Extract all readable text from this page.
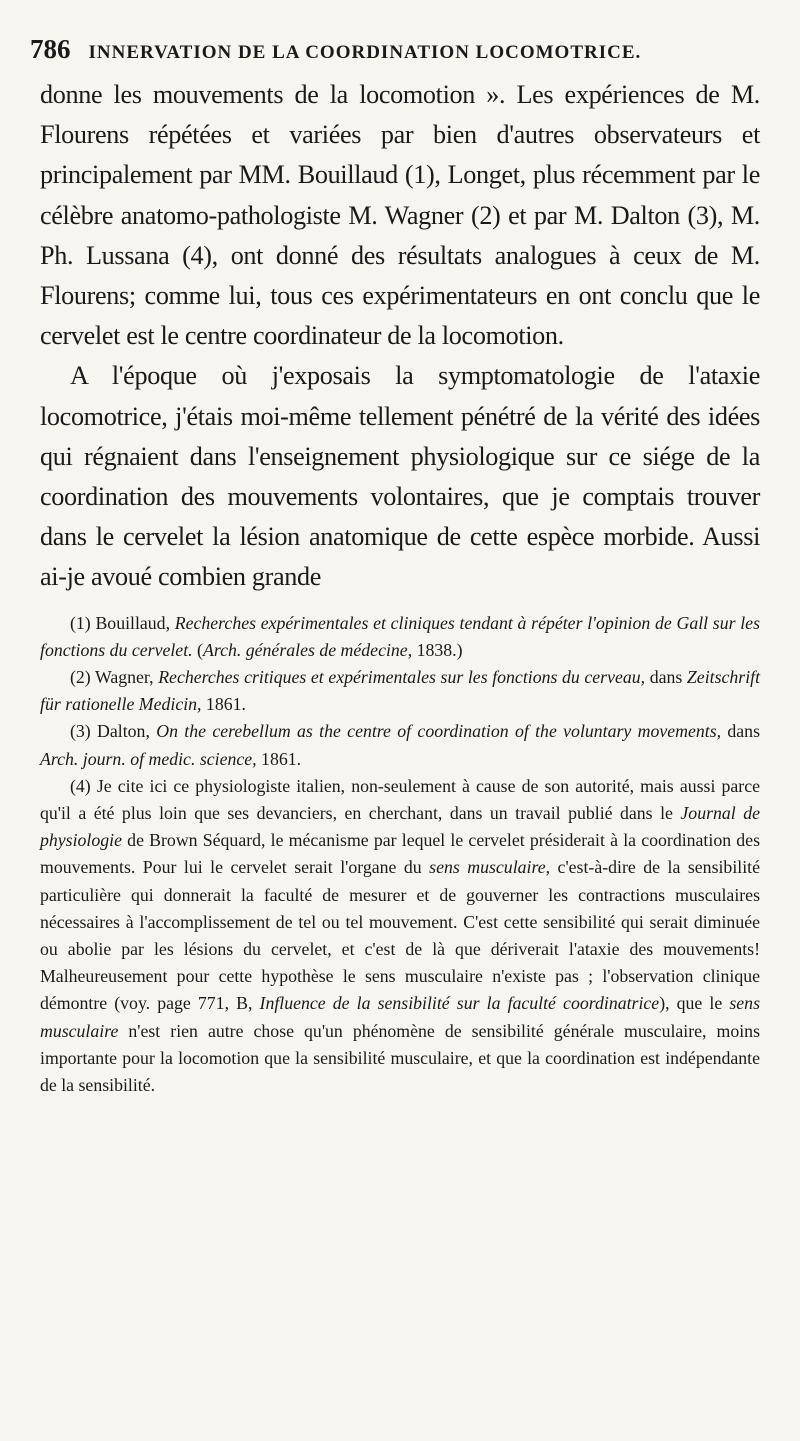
786 INNERVATION DE LA COORDINATION LOCOMOTRICE.

donne les mouvements de la locomotion ». Les expériences de M. Flourens répétées et variées par bien d'autres observateurs et principalement par MM. Bouillaud (1), Longet, plus récemment par le célèbre anatomo-pathologiste M. Wagner (2) et par M. Dalton (3), M. Ph. Lussana (4), ont donné des résultats analogues à ceux de M. Flourens; comme lui, tous ces expérimentateurs en ont conclu que le cervelet est le centre coordinateur de la locomotion.

A l'époque où j'exposais la symptomatologie de l'ataxie locomotrice, j'étais moi-même tellement pénétré de la vérité des idées qui régnaient dans l'enseignement physiologique sur ce siége de la coordination des mouvements volontaires, que je comptais trouver dans le cervelet la lésion anatomique de cette espèce morbide. Aussi ai-je avoué combien grande

(1) Bouillaud, Recherches expérimentales et cliniques tendant à répéter l'opinion de Gall sur les fonctions du cervelet. (Arch. générales de médecine, 1838.)

(2) Wagner, Recherches critiques et expérimentales sur les fonctions du cerveau, dans Zeitschrift für rationelle Medicin, 1861.

(3) Dalton, On the cerebellum as the centre of coordination of the voluntary movements, dans Arch. journ. of medic. science, 1861.

(4) Je cite ici ce physiologiste italien, non-seulement à cause de son autorité, mais aussi parce qu'il a été plus loin que ses devanciers, en cherchant, dans un travail publié dans le Journal de physiologie de Brown Séquard, le mécanisme par lequel le cervelet présiderait à la coordination des mouvements. Pour lui le cervelet serait l'organe du sens musculaire, c'est-à-dire de la sensibilité particulière qui donnerait la faculté de mesurer et de gouverner les contractions musculaires nécessaires à l'accomplissement de tel ou tel mouvement. C'est cette sensibilité qui serait diminuée ou abolie par les lésions du cervelet, et c'est de là que dériverait l'ataxie des mouvements! Malheureusement pour cette hypothèse le sens musculaire n'existe pas ; l'observation clinique démontre (voy. page 771, B, Influence de la sensibilité sur la faculté coordinatrice), que le sens musculaire n'est rien autre chose qu'un phénomène de sensibilité générale musculaire, moins importante pour la locomotion que la sensibilité musculaire, et que la coordination est indépendante de la sensibilité.
